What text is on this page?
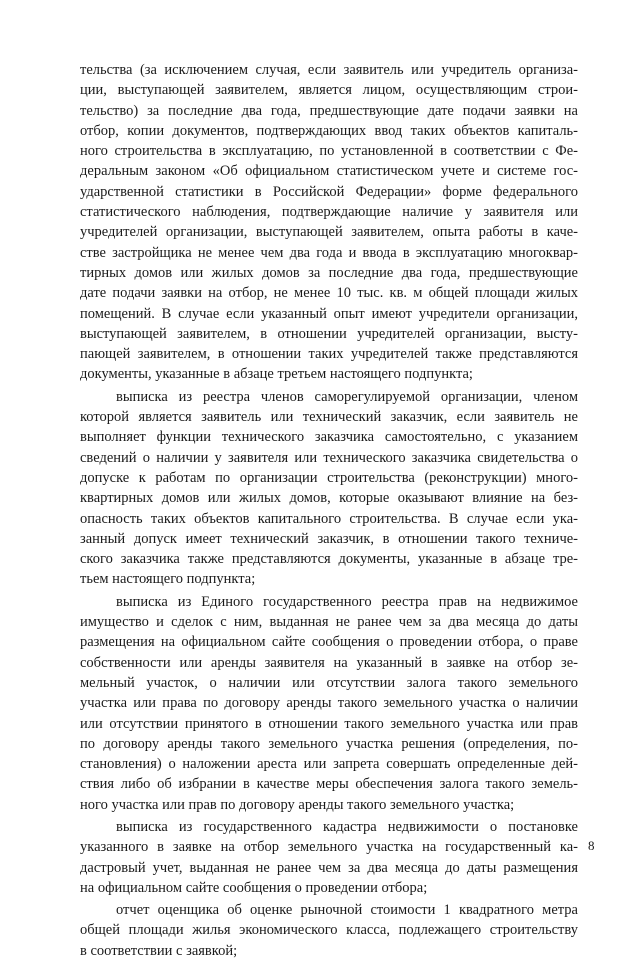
тельства (за исключением случая, если заявитель или учредитель организа-
ции, выступающей заявителем, является лицом, осуществляющим строи-
тельство) за последние два года, предшествующие дате подачи заявки на
отбор, копии документов, подтверждающих ввод таких объектов капиталь-
ного строительства в эксплуатацию, по установленной в соответствии с Фе-
деральным законом «Об официальном статистическом учете и системе гос-
ударственной статистики в Российской Федерации» форме федерального
статистического наблюдения, подтверждающие наличие у заявителя или
учредителей организации, выступающей заявителем, опыта работы в каче-
стве застройщика не менее чем два года и ввода в эксплуатацию многоквар-
тирных домов или жилых домов за последние два года, предшествующие
дате подачи заявки на отбор, не менее 10 тыс. кв. м общей площади жилых
помещений. В случае если указанный опыт имеют учредители организации,
выступающей заявителем, в отношении учредителей организации, высту-
пающей заявителем, в отношении таких учредителей также представляются
документы, указанные в абзаце третьем настоящего подпункта;
выписка из реестра членов саморегулируемой организации, членом
которой является заявитель или технический заказчик, если заявитель не
выполняет функции технического заказчика самостоятельно, с указанием
сведений о наличии у заявителя или технического заказчика свидетельства о
допуске к работам по организации строительства (реконструкции) много-
квартирных домов или жилых домов, которые оказывают влияние на без-
опасность таких объектов капитального строительства. В случае если ука-
занный допуск имеет технический заказчик, в отношении такого техниче-
ского заказчика также представляются документы, указанные в абзаце тре-
тьем настоящего подпункта;
выписка из Единого государственного реестра прав на недвижимое
имущество и сделок с ним, выданная не ранее чем за два месяца до даты
размещения на официальном сайте сообщения о проведении отбора, о праве
собственности или аренды заявителя на указанный в заявке на отбор зе-
мельный участок, о наличии или отсутствии залога такого земельного
участка или права по договору аренды такого земельного участка о наличии
или отсутствии принятого в отношении такого земельного участка или прав
по договору аренды такого земельного участка решения (определения, по-
становления) о наложении ареста или запрета совершать определенные дей-
ствия либо об избрании в качестве меры обеспечения залога такого земель-
ного участка или прав по договору аренды такого земельного участка;
выписка из государственного кадастра недвижимости о постановке
указанного в заявке на отбор земельного участка на государственный ка-
дастровый учет, выданная не ранее чем за два месяца до даты размещения
на официальном сайте сообщения о проведении отбора;
отчет оценщика об оценке рыночной стоимости 1 квадратного метра
общей площади жилья экономического класса, подлежащего строительству
в соответствии с заявкой;
8
